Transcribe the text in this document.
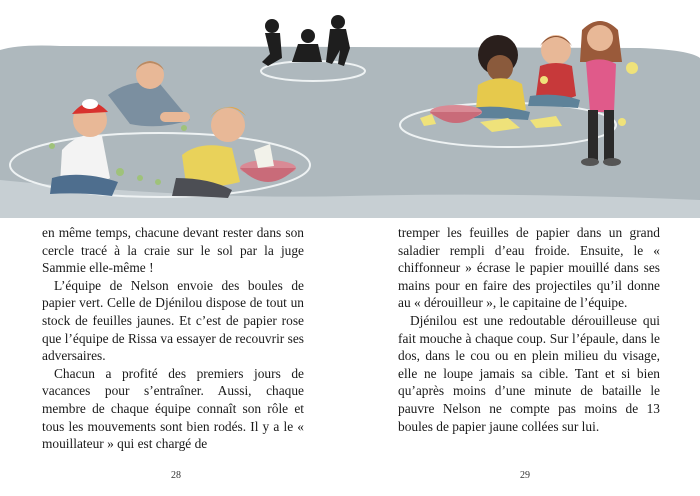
en même temps, chacune devant rester dans son cercle tracé à la craie sur le sol par la juge Sammie elle-même !

L’équipe de Nelson envoie des boules de papier vert. Celle de Djénilou dispose de tout un stock de feuilles jaunes. Et c’est de papier rose que l’équipe de Rissa va essayer de recouvrir ses adversaires.

Chacun a profité des premiers jours de vacances pour s’entraîner. Aussi, chaque membre de chaque équipe connaît son rôle et tous les mouvements sont bien rodés. Il y a le « mouillateur » qui est chargé de

tremper les feuilles de papier dans un grand saladier rempli d’eau froide. Ensuite, le « chiffonneur » écrase le papier mouillé dans ses mains pour en faire des projectiles qu’il donne au « dérouilleur », le capitaine de l’équipe.

Djénilou est une redoutable dérouilleuse qui fait mouche à chaque coup. Sur l’épaule, dans le dos, dans le cou ou en plein milieu du visage, elle ne loupe jamais sa cible. Tant et si bien qu’après moins d’une minute de bataille le pauvre Nelson ne compte pas moins de 13 boules de papier jaune collées sur lui.

28	29
